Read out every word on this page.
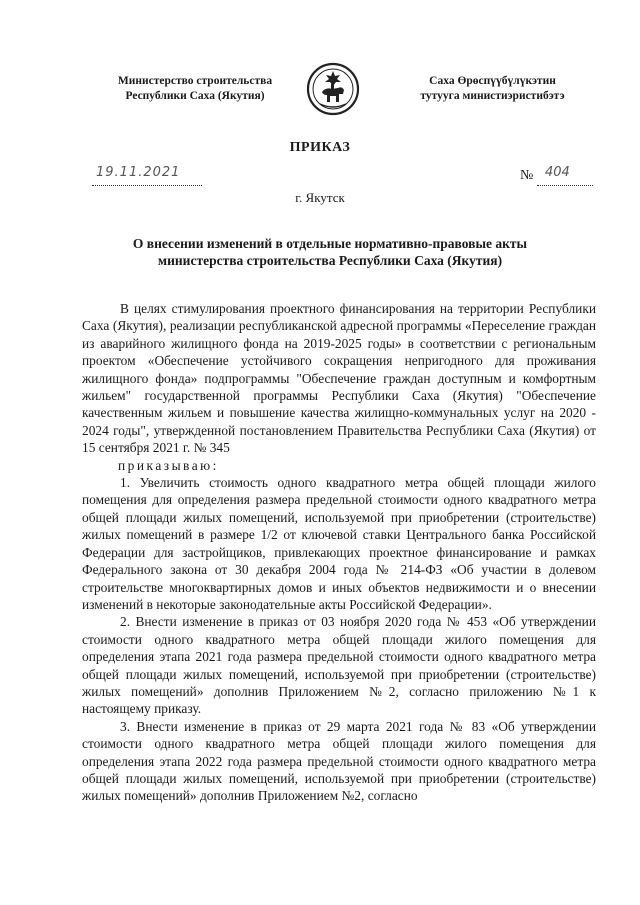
Министерство строительства
Республики Саха (Якутия)
Саха Өрөспүүбүлүкэтин
тутууга министиэристибэтэ
ПРИКАЗ
19.11.2021	№ 404
г. Якутск
О внесении изменений в отдельные нормативно-правовые акты
министерства строительства Республики Саха (Якутия)

В целях стимулирования проектного финансирования на территории Республики Саха (Якутия), реализации республиканской адресной программы «Переселение граждан из аварийного жилищного фонда на 2019-2025 годы» в соответствии с региональным проектом «Обеспечение устойчивого сокращения непригодного для проживания жилищного фонда» подпрограммы "Обеспечение граждан доступным и комфортным жильем" государственной программы Республики Саха (Якутия) "Обеспечение качественным жильем и повышение качества жилищно-коммунальных услуг на 2020 - 2024 годы", утвержденной постановлением Правительства Республики Саха (Якутия) от 15 сентября 2021 г. № 345

приказываю:

1. Увеличить стоимость одного квадратного метра общей площади жилого помещения для определения размера предельной стоимости одного квадратного метра общей площади жилых помещений, используемой при приобретении (строительстве) жилых помещений в размере 1/2 от ключевой ставки Центрального банка Российской Федерации для застройщиков, привлекающих проектное финансирование и рамках Федерального закона от 30 декабря 2004 года № 214-ФЗ «Об участии в долевом строительстве многоквартирных домов и иных объектов недвижимости и о внесении изменений в некоторые законодательные акты Российской Федерации».

2. Внести изменение в приказ от 03 ноября 2020 года № 453 «Об утверждении стоимости одного квадратного метра общей площади жилого помещения для определения этапа 2021 года размера предельной стоимости одного квадратного метра общей площади жилых помещений, используемой при приобретении (строительстве) жилых помещений» дополнив Приложением №2, согласно приложению №1 к настоящему приказу.

3. Внести изменение в приказ от 29 марта 2021 года № 83 «Об утверждении стоимости одного квадратного метра общей площади жилого помещения для определения этапа 2022 года размера предельной стоимости одного квадратного метра общей площади жилых помещений, используемой при приобретении (строительстве) жилых помещений» дополнив Приложением №2, согласно
